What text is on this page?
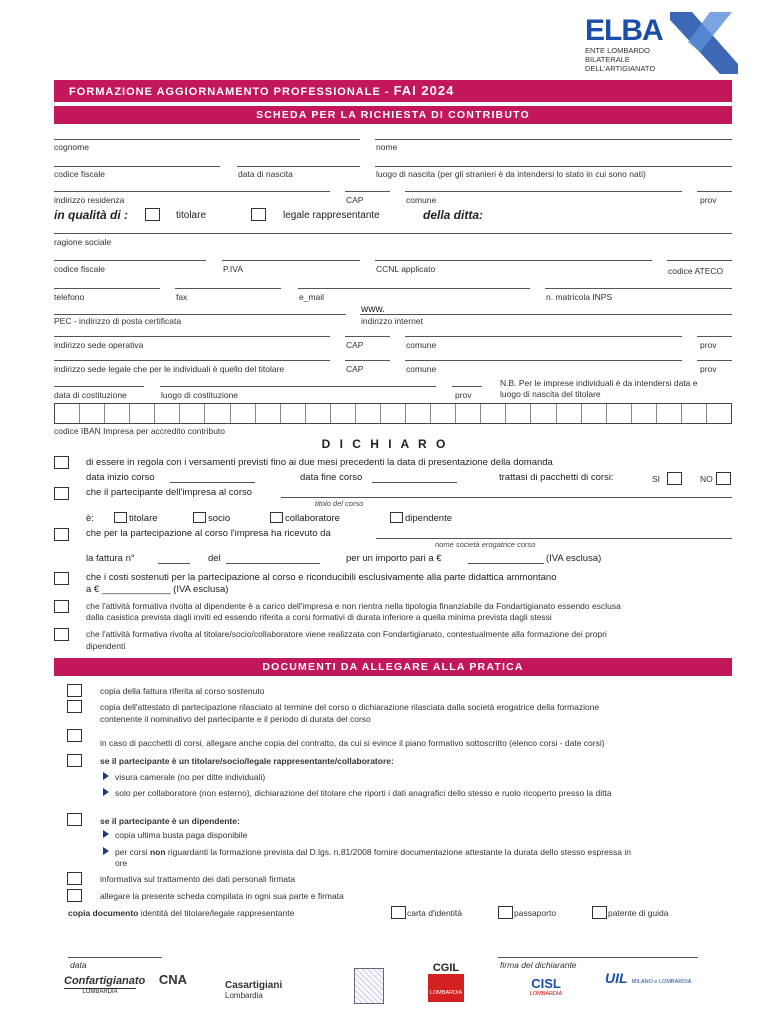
ELBA
ENTE LOMBARDO
BILATERALE
DELL'ARTIGIANATO
FORMAZIONE AGGIORNAMENTO PROFESSIONALE - FAI 2024
SCHEDA PER LA RICHIESTA DI CONTRIBUTO
cognome	nome
codice fiscale	data di nascita	luogo di nascita (per gli stranieri è da intendersi lo stato in cui sono nati)
indirizzo residenza	CAP	comune	prov
in qualità di :	titolare	legale rappresentante	della ditta:
ragione sociale
codice fiscale	P.IVA	CCNL applicato	codice ATECO
telefono	fax	e_mail	n. matricola INPS
www.
PEC - indirizzo di posta certificata	indirizzo internet
indirizzo sede operativa	CAP	comune	prov
indirizzo sede legale che per le individuali è quello del titolare	CAP	comune	prov
data di costituzione	luogo di costituzione	prov
N.B. Per le imprese individuali è da intendersi data e
luogo di nascita del titolare
codice IBAN Impresa per accredito contributo
D I C H I A R O
di essere in regola con i versamenti previsti fino ai due mesi precedenti la data di presentazione della domanda
data inizio corso	data fine corso	trattasi di pacchetti di corsi:	SI	NO
che il partecipante dell'impresa al corso
titolo del corso
è:	titolare	socio	collaboratore	dipendente
che per la partecipazione al corso l'impresa ha ricevuto da
nome società erogatrice corso
la fattura n°	del	per un importo pari a €	(IVA esclusa)
che i costi sostenuti per la partecipazione al corso e riconducibili esclusivamente alla parte didattica ammontano
a € _____________ (IVA esclusa)
che l'attività formativa rivolta al dipendente è a carico dell'impresa e non rientra nella tipologia finanziabile da Fondartigianato essendo esclusa
dalla casistica prevista dagli inviti ed essendo riferita a corsi formativi di durata inferiore a quella minima prevista dagli stessi
che l'attività formativa rivolta al titolare/socio/collaboratore viene realizzata con Fondartigianato, contestualmente alla formazione dei propri
dipendenti
DOCUMENTI DA ALLEGARE ALLA PRATICA
copia della fattura riferita al corso sostenuto
copia dell'attestato di partecipazione rilasciato al termine del corso o dichiarazione rilasciata dalla società erogatrice della formazione
contenente il nominativo del partecipante e il periodo di durata del corso
in caso di pacchetti di corsi, allegare anche copia del contratto, da cui si evince il piano formativo sottoscritto (elenco corsi - date corsi)
se il partecipante è un titolare/socio/legale rappresentante/collaboratore:
visura camerale (no per ditte individuali)
solo per collaboratore (non esterno), dichiarazione del titolare che riporti i dati anagrafici dello stesso e ruolo ricoperto presso la ditta
se il partecipante è un dipendente:
copia ultima busta paga disponibile
per corsi non riguardanti la formazione prevista dal D.lgs. n.81/2008 fornire documentazione attestante la durata dello stesso espressa in
ore
informativa sul trattamento dei dati personali firmata
allegare la presente scheda compilata in ogni sua parte e firmata
copia documento identità del titolare/legale rappresentante	carta d'identità	passaporto	patente di guida
data	firma del dichiarante
Confartigianato
LOMBARDIA
CNA	Casartigiani
Lombardia
CGIL
LOMBARDIA
CISL
LOMBARDIA
UIL MILANO e LOMBARDIA
